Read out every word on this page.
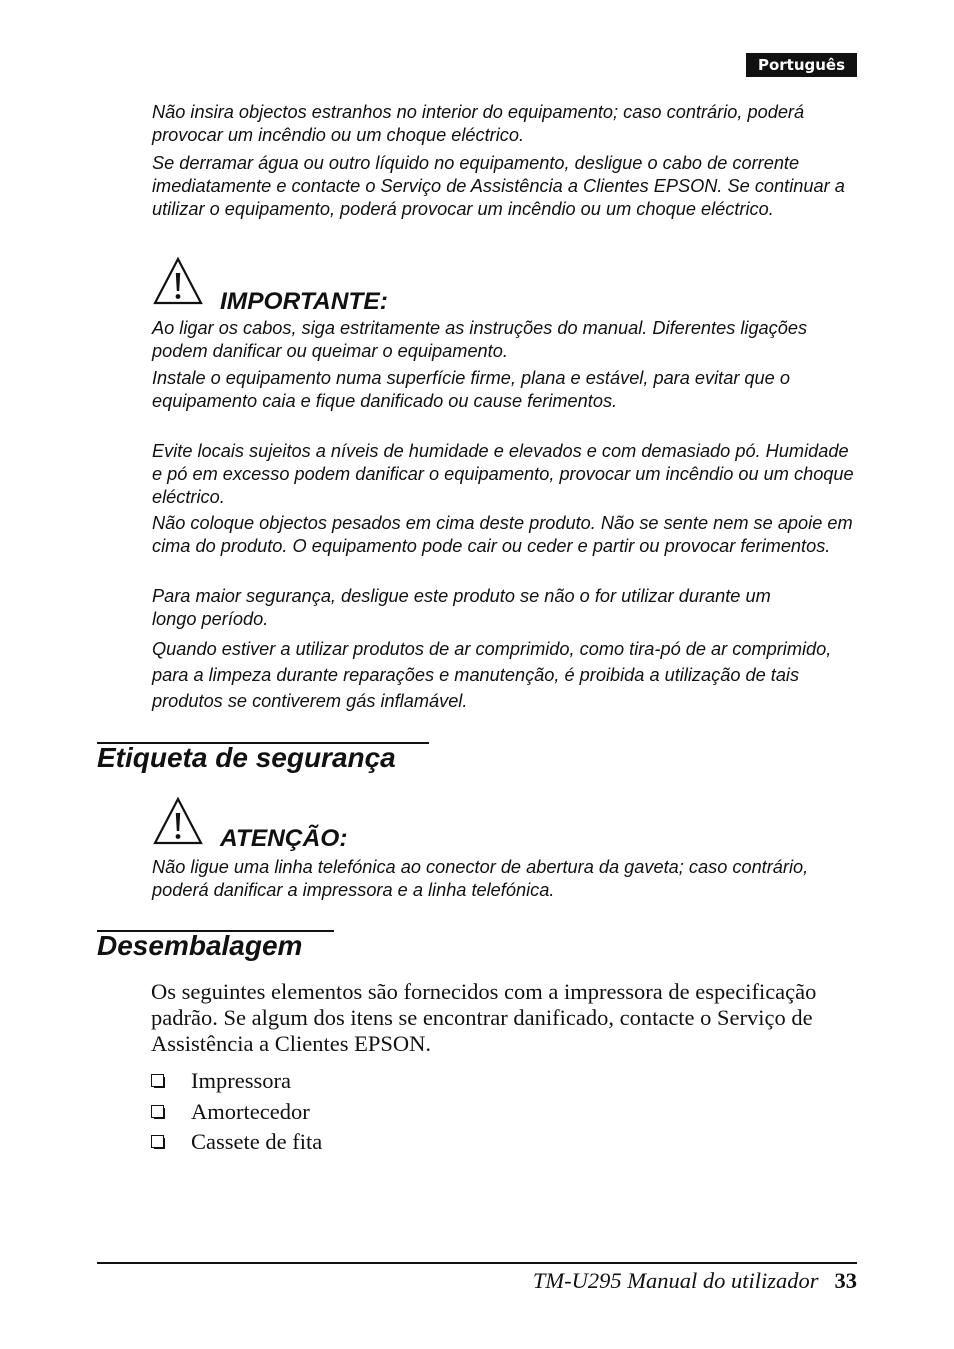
Português
Não insira objectos estranhos no interior do equipamento; caso contrário, poderá provocar um incêndio ou um choque eléctrico.
Se derramar água ou outro líquido no equipamento, desligue o cabo de corrente imediatamente e contacte o Serviço de Assistência a Clientes EPSON. Se continuar a utilizar o equipamento, poderá provocar um incêndio ou um choque eléctrico.
IMPORTANTE:
Ao ligar os cabos, siga estritamente as instruções do manual. Diferentes ligações podem danificar ou queimar o equipamento.
Instale o equipamento numa superfície firme, plana e estável, para evitar que o equipamento caia e fique danificado ou cause ferimentos.
Evite locais sujeitos a níveis de humidade e elevados e com demasiado pó. Humidade e pó em excesso podem danificar o equipamento, provocar um incêndio ou um choque eléctrico.
Não coloque objectos pesados em cima deste produto. Não se sente nem se apoie em cima do produto. O equipamento pode cair ou ceder e partir ou provocar ferimentos.
Para maior segurança, desligue este produto se não o for utilizar durante um longo período.
Quando estiver a utilizar produtos de ar comprimido, como tira-pó de ar comprimido, para a limpeza durante reparações e manutenção, é proibida a utilização de tais produtos se contiverem gás inflamável.
Etiqueta de segurança
ATENÇÃO:
Não ligue uma linha telefónica ao conector de abertura da gaveta; caso contrário, poderá danificar a impressora e a linha telefónica.
Desembalagem
Os seguintes elementos são fornecidos com a impressora de especificação padrão. Se algum dos itens se encontrar danificado, contacte o Serviço de Assistência a Clientes EPSON.
Impressora
Amortecedor
Cassete de fita
TM-U295 Manual do utilizador 33
